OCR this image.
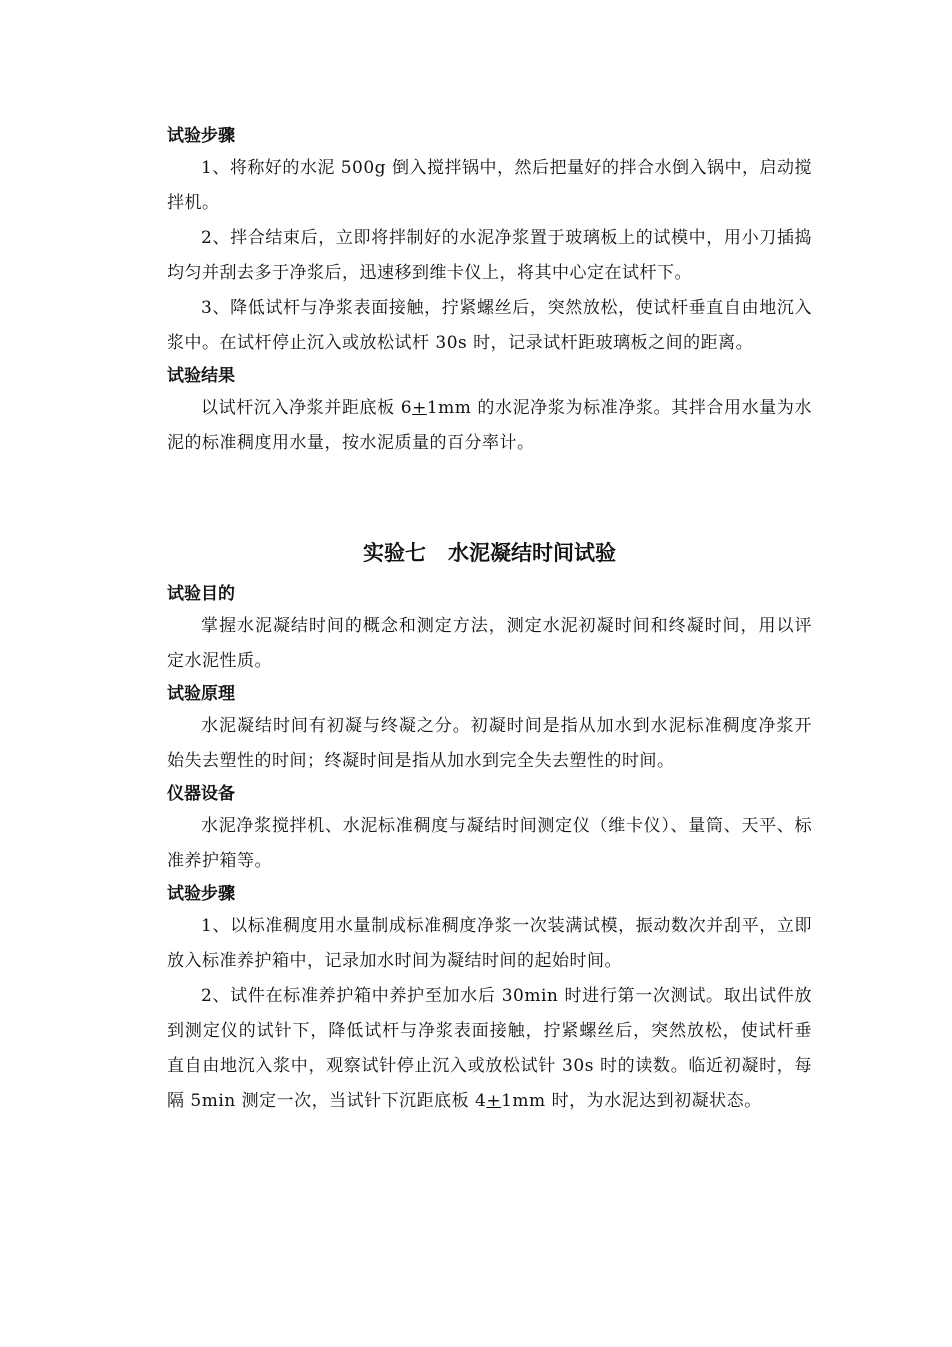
试验步骤

1、将称好的水泥 500g 倒入搅拌锅中，然后把量好的拌合水倒入锅中，启动搅拌机。

2、拌合结束后，立即将拌制好的水泥净浆置于玻璃板上的试模中，用小刀插捣均匀并刮去多于净浆后，迅速移到维卡仪上，将其中心定在试杆下。

3、降低试杆与净浆表面接触，拧紧螺丝后，突然放松，使试杆垂直自由地沉入浆中。在试杆停止沉入或放松试杆 30s 时，记录试杆距玻璃板之间的距离。

试验结果

以试杆沉入净浆并距底板 6+1mm 的水泥净浆为标准净浆。其拌合用水量为水泥的标准稠度用水量，按水泥质量的百分率计。

实验七   水泥凝结时间试验

试验目的

掌握水泥凝结时间的概念和测定方法，测定水泥初凝时间和终凝时间，用以评定水泥性质。

试验原理

水泥凝结时间有初凝与终凝之分。初凝时间是指从加水到水泥标准稠度净浆开始失去塑性的时间；终凝时间是指从加水到完全失去塑性的时间。

仪器设备

水泥净浆搅拌机、水泥标准稠度与凝结时间测定仪（维卡仪）、量筒、天平、标准养护箱等。

试验步骤

1、以标准稠度用水量制成标准稠度净浆一次装满试模，振动数次并刮平，立即放入标准养护箱中，记录加水时间为凝结时间的起始时间。

2、试件在标准养护箱中养护至加水后 30min 时进行第一次测试。取出试件放到测定仪的试针下，降低试杆与净浆表面接触，拧紧螺丝后，突然放松，使试杆垂直自由地沉入浆中，观察试针停止沉入或放松试针 30s 时的读数。临近初凝时，每隔 5min 测定一次，当试针下沉距底板 4+1mm 时，为水泥达到初凝状态。
